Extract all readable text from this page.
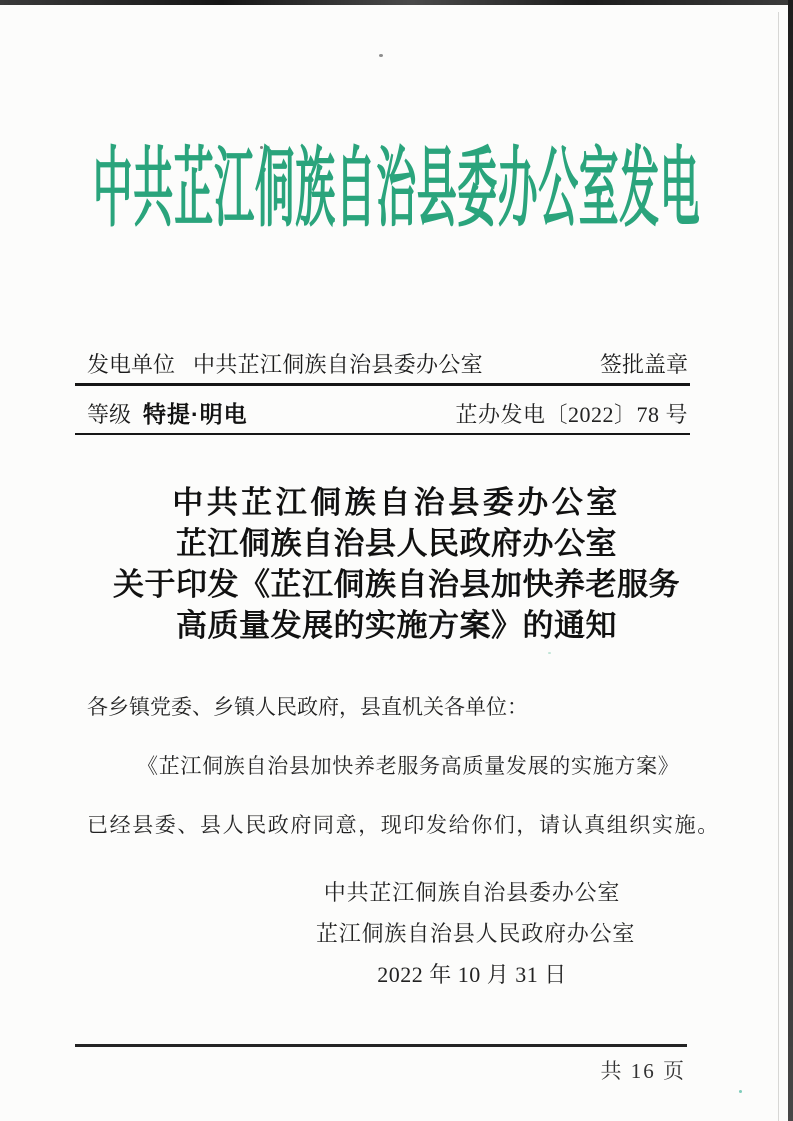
中共芷江侗族自治县委办公室发电
发电单位 中共芷江侗族自治县委办公室	签批盖章
等级 特提·明电	芷办发电〔2022〕78 号
中共芷江侗族自治县委办公室
芷江侗族自治县人民政府办公室
关于印发《芷江侗族自治县加快养老服务
高质量发展的实施方案》的通知
各乡镇党委、乡镇人民政府，县直机关各单位：
《芷江侗族自治县加快养老服务高质量发展的实施方案》
已经县委、县人民政府同意，现印发给你们，请认真组织实施。
中共芷江侗族自治县委办公室
芷江侗族自治县人民政府办公室
2022 年 10 月 31 日
共 16 页
